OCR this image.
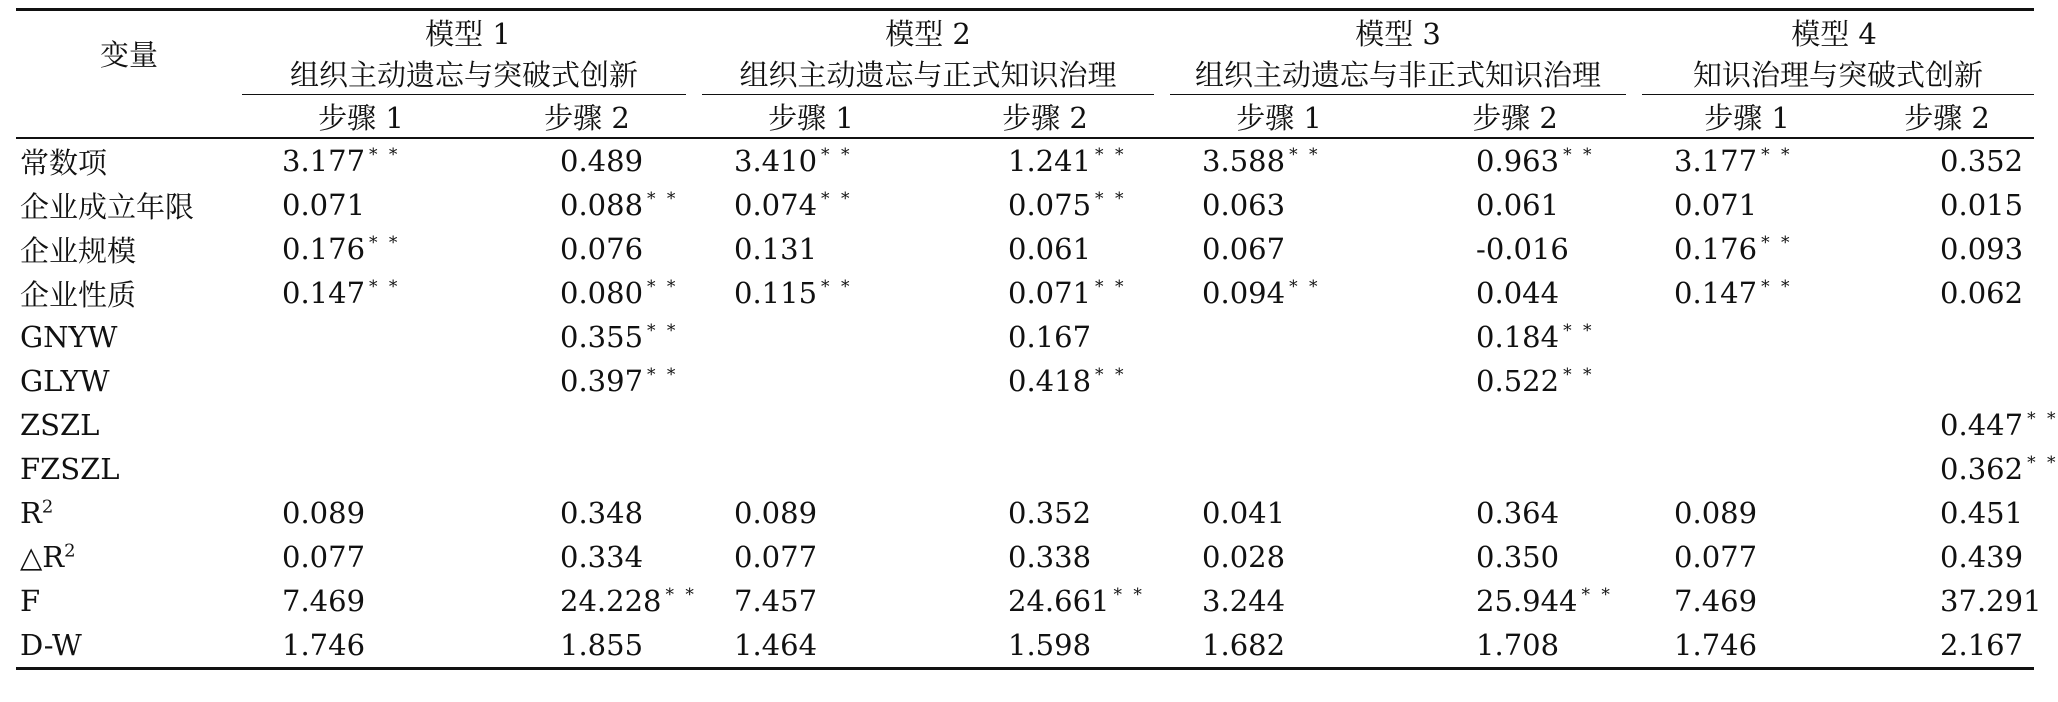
变量	模型 1		模型 2		模型 3		模型 4	

	组织主动遗忘与突破式创新		组织主动遗忘与正式知识治理		组织主动遗忘与非正式知识治理		知识治理与突破式创新	

	步骤 1	步骤 2	步骤 1	步骤 2	步骤 1	步骤 2	步骤 1	步骤 2
常数项	3.177 * *	0.489	3.410 * *	1.241 * *	3.588 * *	0.963 * *	3.177 * *	0.352
企业成立年限	0.071	0.088 * *	0.074 * *	0.075 * *	0.063	0.061	0.071	0.015
企业规模	0.176 * *	0.076	0.131	0.061	0.067	-0.016	0.176 * *	0.093
企业性质	0.147 * *	0.080 * *	0.115 * *	0.071 * *	0.094 * *	0.044	0.147 * *	0.062
GNYW		0.355 * *		0.167		0.184 * *		
GLYW		0.397 * *		0.418 * *		0.522 * *		
ZSZL								0.447 * *
FZSZL								0.362 * *
$R^2$	0.089	0.348	0.089	0.352	0.041	0.364	0.089	0.451
$\triangle R^2$	0.077	0.334	0.077	0.338	0.028	0.350	0.077	0.439
F	7.469	24.228 * *	7.457	24.661 * *	3.244	25.944 * *	7.469	37.291
D-W	1.746	1.855	1.464	1.598	1.682	1.708	1.746	2.167
